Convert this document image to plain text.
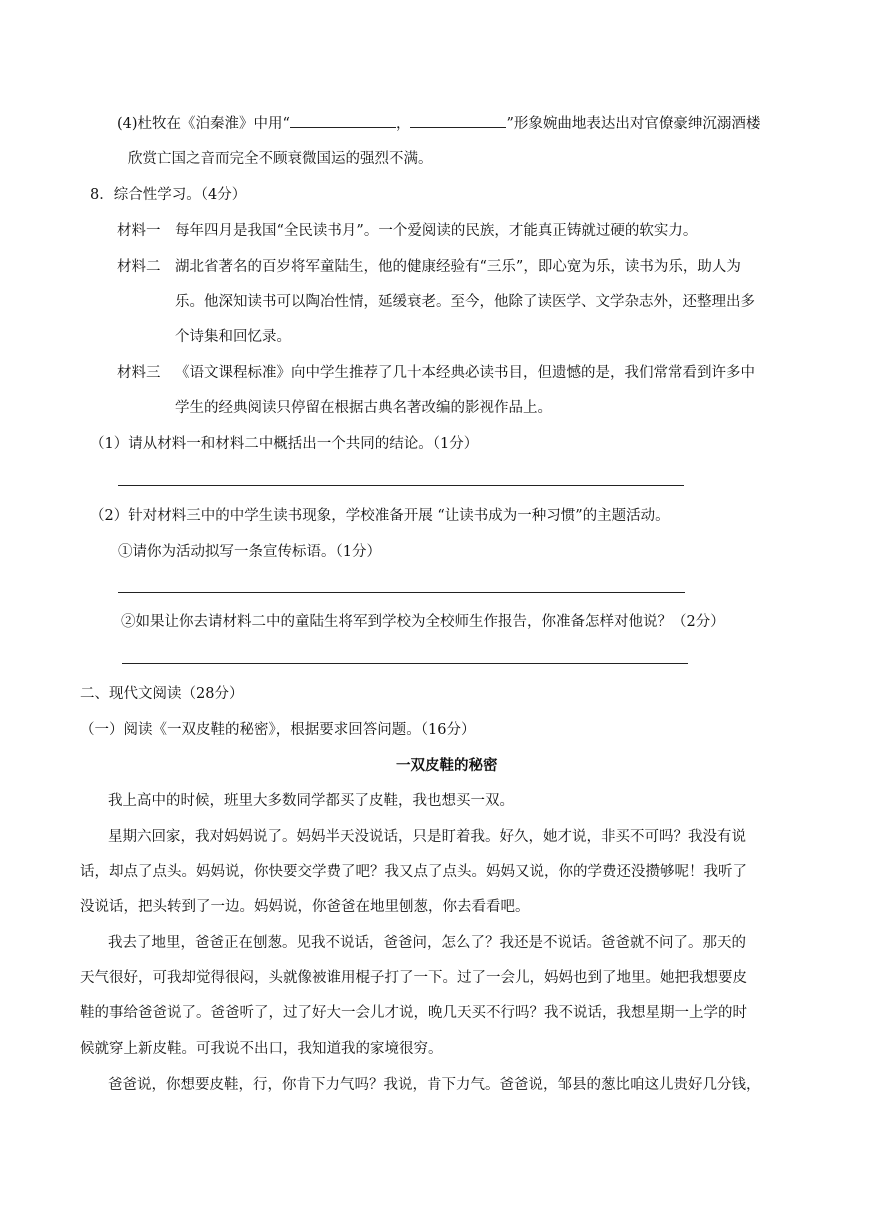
(4)杜牧在《泊秦淮》中用“	，	”形象婉曲地表达出对官僚豪绅沉溺酒楼
欣赏亡国之音而完全不顾衰微国运的强烈不满。
8．综合性学习。（4分）
材料一 每年四月是我国“全民读书月”。一个爱阅读的民族，才能真正铸就过硬的软实力。
材料二 湖北省著名的百岁将军童陆生，他的健康经验有“三乐”，即心宽为乐，读书为乐，助人为
乐。他深知读书可以陶冶性情，延缓衰老。至今，他除了读医学、文学杂志外，还整理出多
个诗集和回忆录。
材料三 《语文课程标准》向中学生推荐了几十本经典必读书目，但遗憾的是，我们常常看到许多中
学生的经典阅读只停留在根据古典名著改编的影视作品上。
（1）请从材料一和材料二中概括出一个共同的结论。（1分）
（2）针对材料三中的中学生读书现象，学校准备开展 “让读书成为一种习惯”的主题活动。
①请你为活动拟写一条宣传标语。（1分）
②如果让你去请材料二中的童陆生将军到学校为全校师生作报告，你准备怎样对他说？（2分）
二、现代文阅读（28分）
（一）阅读《一双皮鞋的秘密》，根据要求回答问题。（16分）
一双皮鞋的秘密
我上高中的时候，班里大多数同学都买了皮鞋，我也想买一双。
星期六回家，我对妈妈说了。妈妈半天没说话，只是盯着我。好久，她才说，非买不可吗？我没有说
话，却点了点头。妈妈说，你快要交学费了吧？我又点了点头。妈妈又说，你的学费还没攒够呢！我听了
没说话，把头转到了一边。妈妈说，你爸爸在地里刨葱，你去看看吧。
我去了地里，爸爸正在刨葱。见我不说话，爸爸问，怎么了？我还是不说话。爸爸就不问了。那天的
天气很好，可我却觉得很闷，头就像被谁用棍子打了一下。过了一会儿，妈妈也到了地里。她把我想要皮
鞋的事给爸爸说了。爸爸听了，过了好大一会儿才说，晚几天买不行吗？我不说话，我想星期一上学的时
候就穿上新皮鞋。可我说不出口，我知道我的家境很穷。
爸爸说，你想要皮鞋，行，你肯下力气吗？我说，肯下力气。爸爸说，邹县的葱比咱这儿贵好几分钱，
